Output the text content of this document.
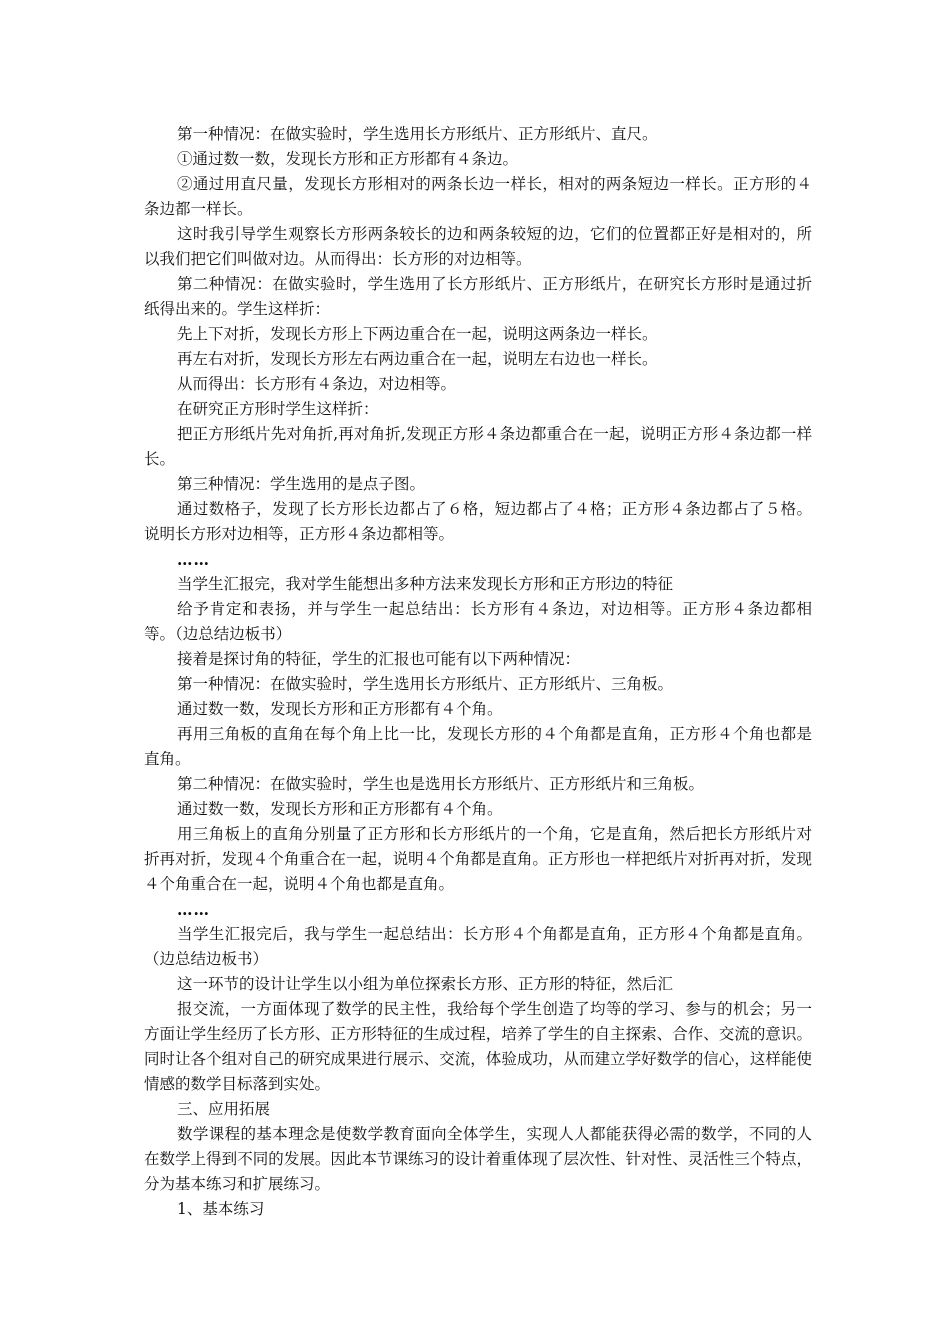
第一种情况：在做实验时，学生选用长方形纸片、正方形纸片、直尺。

①通过数一数，发现长方形和正方形都有４条边。

②通过用直尺量，发现长方形相对的两条长边一样长，相对的两条短边一样长。正方形的４条边都一样长。

这时我引导学生观察长方形两条较长的边和两条较短的边，它们的位置都正好是相对的，所以我们把它们叫做对边。从而得出：长方形的对边相等。

第二种情况：在做实验时，学生选用了长方形纸片、正方形纸片，在研究长方形时是通过折纸得出来的。学生这样折：

先上下对折，发现长方形上下两边重合在一起，说明这两条边一样长。

再左右对折，发现长方形左右两边重合在一起，说明左右边也一样长。

从而得出：长方形有４条边，对边相等。

在研究正方形时学生这样折：

把正方形纸片先对角折,再对角折,发现正方形４条边都重合在一起，说明正方形４条边都一样长。

第三种情况：学生选用的是点子图。

通过数格子，发现了长方形长边都占了６格，短边都占了４格；正方形４条边都占了５格。说明长方形对边相等，正方形４条边都相等。

……

当学生汇报完，我对学生能想出多种方法来发现长方形和正方形边的特征

给予肯定和表扬，并与学生一起总结出：长方形有４条边，对边相等。正方形４条边都相等。（边总结边板书）

接着是探讨角的特征，学生的汇报也可能有以下两种情况：

第一种情况：在做实验时，学生选用长方形纸片、正方形纸片、三角板。

通过数一数，发现长方形和正方形都有４个角。

再用三角板的直角在每个角上比一比，发现长方形的４个角都是直角，正方形４个角也都是直角。

第二种情况：在做实验时，学生也是选用长方形纸片、正方形纸片和三角板。

通过数一数，发现长方形和正方形都有４个角。

用三角板上的直角分别量了正方形和长方形纸片的一个角，它是直角，然后把长方形纸片对折再对折，发现４个角重合在一起，说明４个角都是直角。正方形也一样把纸片对折再对折，发现４个角重合在一起，说明４个角也都是直角。

……

当学生汇报完后，我与学生一起总结出：长方形４个角都是直角，正方形４个角都是直角。（边总结边板书）

这一环节的设计让学生以小组为单位探索长方形、正方形的特征，然后汇

报交流，一方面体现了数学的民主性，我给每个学生创造了均等的学习、参与的机会；另一方面让学生经历了长方形、正方形特征的生成过程，培养了学生的自主探索、合作、交流的意识。同时让各个组对自己的研究成果进行展示、交流，体验成功，从而建立学好数学的信心，这样能使情感的数学目标落到实处。

三、应用拓展

数学课程的基本理念是使数学教育面向全体学生，实现人人都能获得必需的数学，不同的人在数学上得到不同的发展。因此本节课练习的设计着重体现了层次性、针对性、灵活性三个特点，分为基本练习和扩展练习。

1、基本练习
